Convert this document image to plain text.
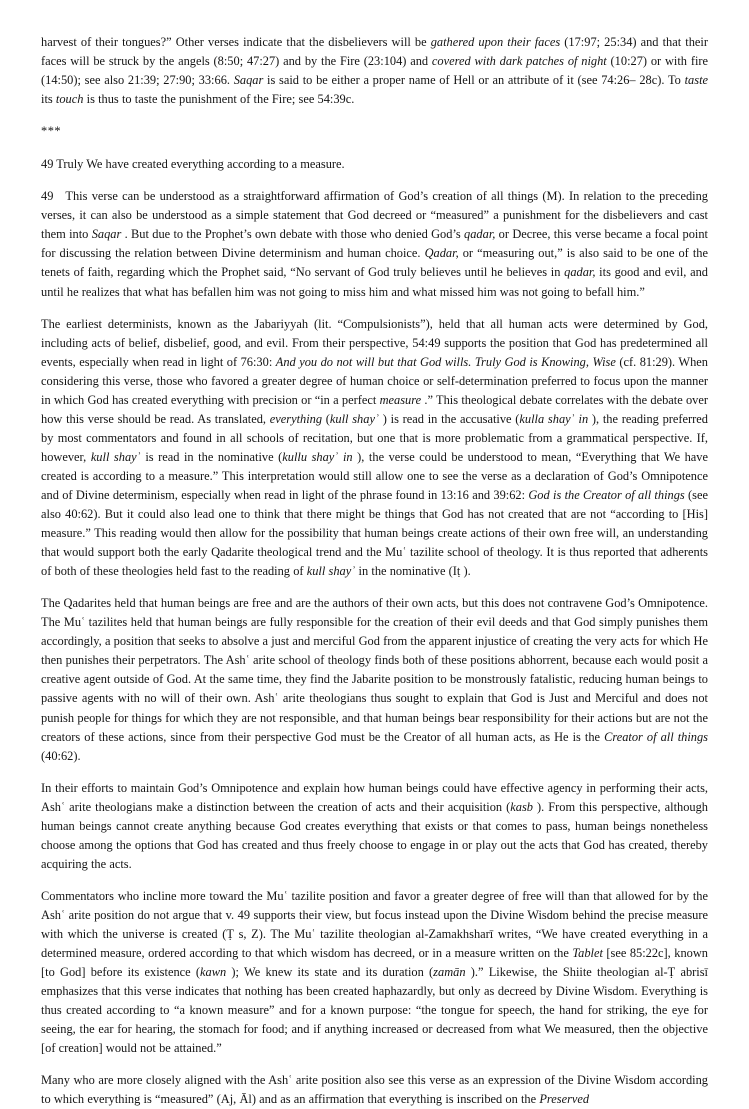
harvest of their tongues?” Other verses indicate that the disbelievers will be gathered upon their faces (17:97; 25:34) and that their faces will be struck by the angels (8:50; 47:27) and by the Fire (23:104) and covered with dark patches of night (10:27) or with fire (14:50); see also 21:39; 27:90; 33:66. Saqar is said to be either a proper name of Hell or an attribute of it (see 74:26– 28c). To taste its touch is thus to taste the punishment of the Fire; see 54:39c.

***

49 Truly We have created everything according to a measure.

49 This verse can be understood as a straightforward affirmation of God’s creation of all things (M). In relation to the preceding verses, it can also be understood as a simple statement that God decreed or “measured” a punishment for the disbelievers and cast them into Saqar . But due to the Prophet’s own debate with those who denied God’s qadar, or Decree, this verse became a focal point for discussing the relation between Divine determinism and human choice. Qadar, or “measuring out,” is also said to be one of the tenets of faith, regarding which the Prophet said, “No servant of God truly believes until he believes in qadar, its good and evil, and until he realizes that what has befallen him was not going to miss him and what missed him was not going to befall him.”

The earliest determinists, known as the Jabariyyah (lit. “Compulsionists”), held that all human acts were determined by God, including acts of belief, disbelief, good, and evil. From their perspective, 54:49 supports the position that God has predetermined all events, especially when read in light of 76:30: And you do not will but that God wills. Truly God is Knowing, Wise (cf. 81:29). When considering this verse, those who favored a greater degree of human choice or self-determination preferred to focus upon the manner in which God has created everything with precision or “in a perfect measure .” This theological debate correlates with the debate over how this verse should be read. As translated, everything (kull shayʾ ) is read in the accusative (kulla shayʾ in ), the reading preferred by most commentators and found in all schools of recitation, but one that is more problematic from a grammatical perspective. If, however, kull shayʾ is read in the nominative (kullu shayʾ in ), the verse could be understood to mean, “Everything that We have created is according to a measure.” This interpretation would still allow one to see the verse as a declaration of God’s Omnipotence and of Divine determinism, especially when read in light of the phrase found in 13:16 and 39:62: God is the Creator of all things (see also 40:62). But it could also lead one to think that there might be things that God has not created that are not “according to [His] measure.” This reading would then allow for the possibility that human beings create actions of their own free will, an understanding that would support both the early Qadarite theological trend and the Muʿ tazilite school of theology. It is thus reported that adherents of both of these theologies held fast to the reading of kull shayʾ in the nominative (Iṭ ).

The Qadarites held that human beings are free and are the authors of their own acts, but this does not contravene God’s Omnipotence. The Muʿ tazilites held that human beings are fully responsible for the creation of their evil deeds and that God simply punishes them accordingly, a position that seeks to absolve a just and merciful God from the apparent injustice of creating the very acts for which He then punishes their perpetrators. The Ashʿ arite school of theology finds both of these positions abhorrent, because each would posit a creative agent outside of God. At the same time, they find the Jabarite position to be monstrously fatalistic, reducing human beings to passive agents with no will of their own. Ashʿ arite theologians thus sought to explain that God is Just and Merciful and does not punish people for things for which they are not responsible, and that human beings bear responsibility for their actions but are not the creators of these actions, since from their perspective God must be the Creator of all human acts, as He is the Creator of all things (40:62).

In their efforts to maintain God’s Omnipotence and explain how human beings could have effective agency in performing their acts, Ashʿ arite theologians make a distinction between the creation of acts and their acquisition (kasb ). From this perspective, although human beings cannot create anything because God creates everything that exists or that comes to pass, human beings nonetheless choose among the options that God has created and thus freely choose to engage in or play out the acts that God has created, thereby acquiring the acts.

Commentators who incline more toward the Muʿ tazilite position and favor a greater degree of free will than that allowed for by the Ashʿ arite position do not argue that v. 49 supports their view, but focus instead upon the Divine Wisdom behind the precise measure with which the universe is created (Ṭ s, Z). The Muʿ tazilite theologian al-Zamakhsharī writes, “We have created everything in a determined measure, ordered according to that which wisdom has decreed, or in a measure written on the Tablet [see 85:22c], known [to God] before its existence (kawn ); We knew its state and its duration (zamān ).” Likewise, the Shiite theologian al-Ṭ abrisī emphasizes that this verse indicates that nothing has been created haphazardly, but only as decreed by Divine Wisdom. Everything is thus created according to “a known measure” and for a known purpose: “the tongue for speech, the hand for striking, the eye for seeing, the ear for hearing, the stomach for food; and if anything increased or decreased from what We measured, then the objective [of creation] would not be attained.”

Many who are more closely aligned with the Ashʿ arite position also see this verse as an expression of the Divine Wisdom according to which everything is “measured” (Aj, Āl) and as an affirmation that everything is inscribed on the Preserved
